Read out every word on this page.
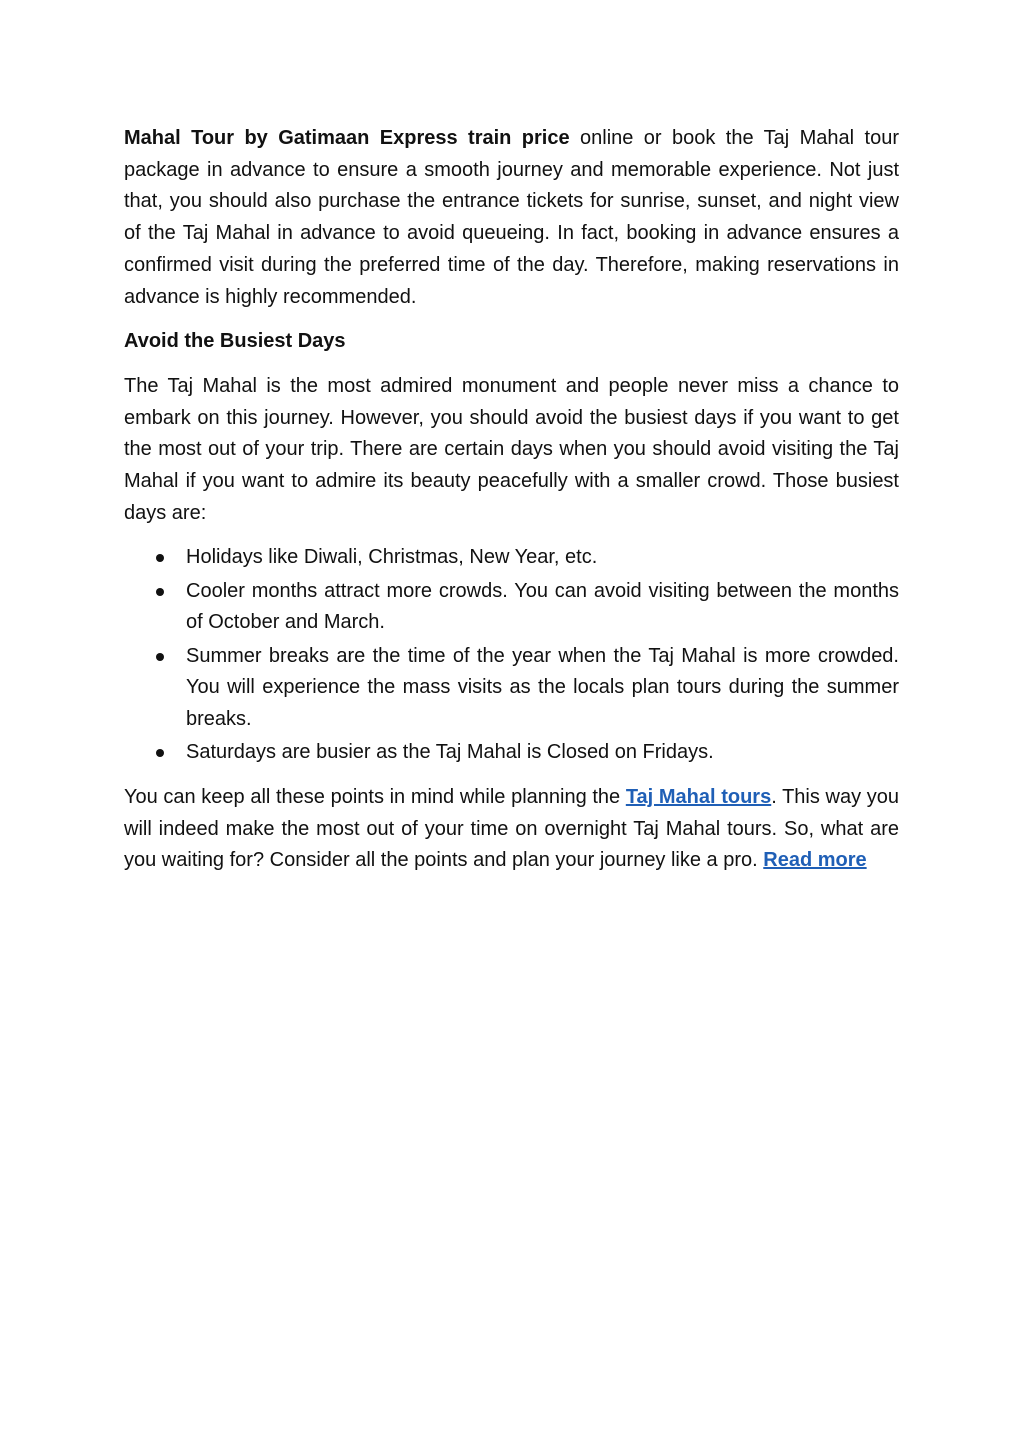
Mahal Tour by Gatimaan Express train price online or book the Taj Mahal tour package in advance to ensure a smooth journey and memorable experience. Not just that, you should also purchase the entrance tickets for sunrise, sunset, and night view of the Taj Mahal in advance to avoid queueing. In fact, booking in advance ensures a confirmed visit during the preferred time of the day. Therefore, making reservations in advance is highly recommended.

Avoid the Busiest Days

The Taj Mahal is the most admired monument and people never miss a chance to embark on this journey. However, you should avoid the busiest days if you want to get the most out of your trip. There are certain days when you should avoid visiting the Taj Mahal if you want to admire its beauty peacefully with a smaller crowd. Those busiest days are:

Holidays like Diwali, Christmas, New Year, etc.
Cooler months attract more crowds. You can avoid visiting between the months of October and March.
Summer breaks are the time of the year when the Taj Mahal is more crowded. You will experience the mass visits as the locals plan tours during the summer breaks.
Saturdays are busier as the Taj Mahal is Closed on Fridays.

You can keep all these points in mind while planning the Taj Mahal tours. This way you will indeed make the most out of your time on overnight Taj Mahal tours. So, what are you waiting for? Consider all the points and plan your journey like a pro. Read more
